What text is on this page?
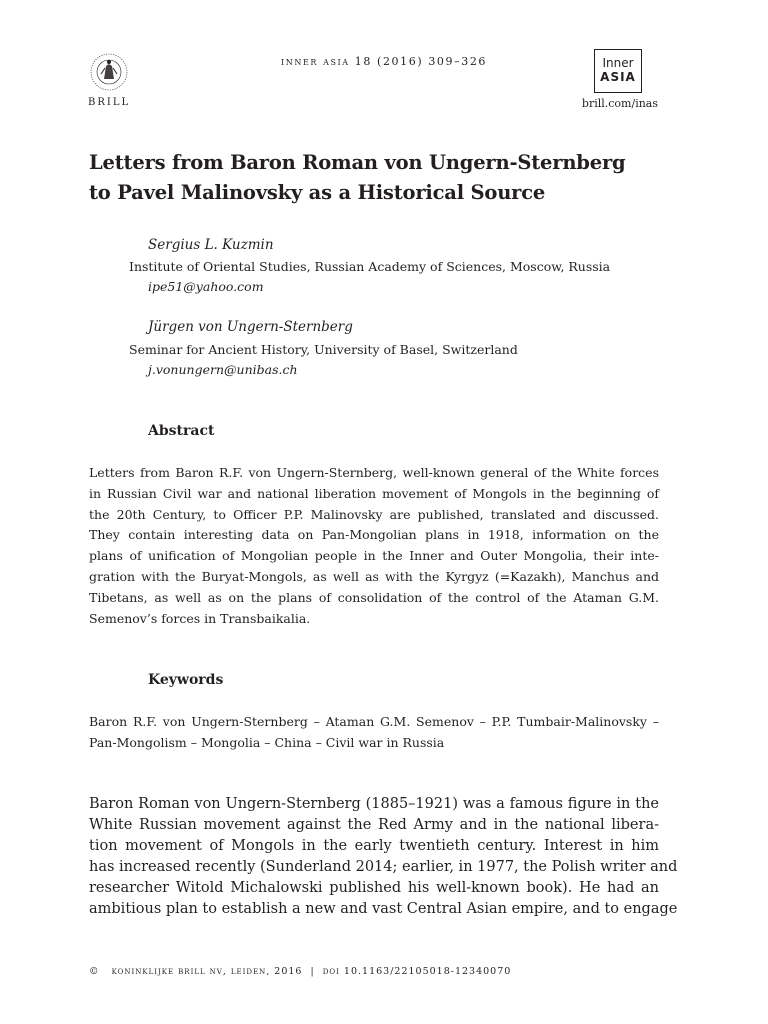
BRILL
inner asia 18 (2016) 309–326	Inner
ASIA
brill.com/inas
Letters from Baron Roman von Ungern-Sternberg
to Pavel Malinovsky as a Historical Source
Sergius L. Kuzmin
Institute of Oriental Studies, Russian Academy of Sciences, Moscow, Russia
ipe51@yahoo.com
Jürgen von Ungern-Sternberg
Seminar for Ancient History, University of Basel, Switzerland
j.vonungern@unibas.ch
Abstract
Letters from Baron R.F. von Ungern-Sternberg, well-known general of the White forces
in Russian Civil war and national liberation movement of Mongols in the beginning of
the 20th Century, to Officer P.P. Malinovsky are published, translated and discussed.
They contain interesting data on Pan-Mongolian plans in 1918, information on the
plans of unification of Mongolian people in the Inner and Outer Mongolia, their inte-
gration with the Buryat-Mongols, as well as with the Kyrgyz (=Kazakh), Manchus and
Tibetans, as well as on the plans of consolidation of the control of the Ataman G.M.
Semenov’s forces in Transbaikalia.
Keywords
Baron R.F. von Ungern-Sternberg – Ataman G.M. Semenov – P.P. Tumbair-Malinovsky –
Pan-Mongolism – Mongolia – China – Civil war in Russia
Baron Roman von Ungern-Sternberg (1885–1921) was a famous figure in the
White Russian movement against the Red Army and in the national libera-
tion movement of Mongols in the early twentieth century. Interest in him
has increased recently (Sunderland 2014; earlier, in 1977, the Polish writer and
researcher Witold Michalowski published his well-known book). He had an
ambitious plan to establish a new and vast Central Asian empire, and to engage
© koninklijke brill nv, leiden, 2016 | doi 10.1163/22105018-12340070
